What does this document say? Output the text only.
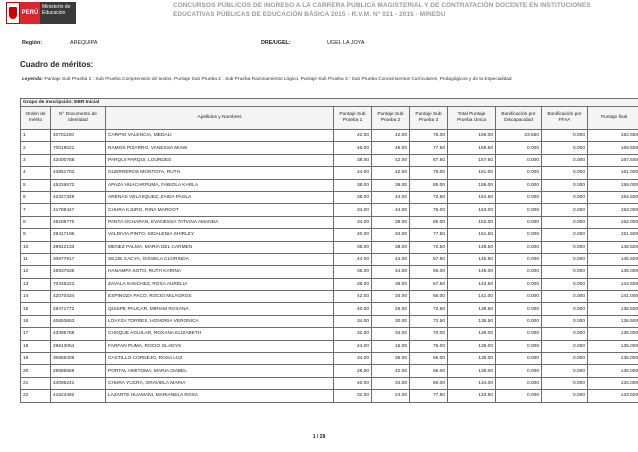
PERÚ
Ministerio de Educación
CONCURSOS PÚBLICOS DE INGRESO A LA CARRERA PÚBLICA MAGISTERIAL Y DE CONTRATACIÓN DOCENTE EN INSTITUCIONES EDUCATIVAS PÚBLICAS DE EDUCACIÓN BÁSICA 2015 - R.V.M. N° 021 - 2015 - MINEDU
Región:	AREQUIPA	DRE/UGEL:	UGEL LA JOYA
Cuadro de méritos:
Leyenda: Puntaje Sub Prueba 1 : Sub Prueba Comprensión de textos, Puntaje Sub Prueba 2 : Sub Prueba Razonamiento Lógico, Puntaje Sub Prueba 3 : Sub Prueba Conocimientos Curriculares, Pedagógicos y de la Especialidad
Grupo de inscripción: EBR Inicial									
Orden de mérito	N° Documento de identidad	Apellidos y Nombres	Puntaje Sub Prueba 1	Puntaje Sub Prueba 2	Puntaje Sub Prueba 3	Total Puntaje Prueba Única	Bonificación por Discapacidad	Bonificación por FFAA	Puntaje final
1	40701100	CARPIO VALENCIA, MEDALI	42.00	42.00	75.00	159.00	23.650	0.000	182.650
2	70019021	RAMOS PIZARRO, VANESSA MIAW	46.00	46.00	77.50	169.50	0.000	0.000	169.500
3	42000758	PARQUI PARQUI, LOURDES	38.00	42.00	87.50	167.50	0.000	0.000	167.500
4	43851702	GUERREROS MONTOYA, RUTH	44.00	42.00	75.00	161.00	0.000	0.000	161.000
5	45226572	APAZA HUACARPUMA, FABIOLA KARLA	38.00	36.00	85.00	159.00	0.000	0.000	159.000
6	42327349	ARENAS VELASQUEZ, ZAIDA PAOLA	38.00	44.00	72.50	154.50	0.000	0.000	154.500
7	41785447	CHURA KJURO, RINA MARGOT	34.00	44.00	75.00	153.00	0.000	0.000	153.000
8	46206770	PANTA OCHARAN, EVANESSA TATIANA AMANDA	34.00	38.00	80.00	152.00	0.000	0.000	152.000
9	29417196	VALDIVIA PINTO, SIDALENIA SHIRLEY	40.00	34.00	77.50	151.50	0.000	0.000	151.500
10	29612133	MENEZ PALMA, MARIA DEL CARMEN	38.00	38.00	72.50	148.50	0.000	0.000	148.500
11	30677817	SEJJE CACYA, GISSELA CLORINDA	44.00	44.00	57.50	145.50	0.000	0.000	145.500
12	46937636	HANAMPA SOTO, RUTH KARINA	36.00	44.00	65.00	145.00	0.000	0.000	145.000
13	70346222	ZAVALA SANCHEZ, ROSA AURELIA	38.00	38.00	67.50	143.50	0.000	0.000	143.500
14	42070434	ESPINOZA PACO, ROCIO MILAGROS	42.00	34.00	65.00	141.00	0.000	0.000	141.000
15	29471772	QUISPE PAUCAR, MIRIAM ROXANA	40.00	26.00	72.50	138.50	0.000	0.000	138.500
16	40653653	LOAYZA TORRES, HONORIA VERONICA	34.00	30.00	72.50	136.50	0.000	0.000	136.500
17	43395758	CHOQUE AGUILAR, ROXANA ELIZABETH	32.00	34.00	70.00	136.00	0.000	0.000	136.000
18	29613054	FARFAN PUMA, ROCIO GLADYS	44.00	16.00	75.00	135.00	0.000	0.000	135.000
19	30856409	CASTILLO CORNEJO, ROSA LUZ	34.00	36.00	65.00	135.00	0.000	0.000	135.000
20	29686669	PORTAL AIMITOMA, MARIA ISABEL	28.00	42.00	65.00	135.00	0.000	0.000	135.000
21	44095241	CHURA YUCRA, GRAVIELA MARIA	40.00	34.00	60.00	134.00	0.000	0.000	134.000
22	41623492	LAZARTE HUAMANI, MARIANELA ROSA	32.00	24.00	77.50	133.50	0.000	0.000	133.500
1 / 28
